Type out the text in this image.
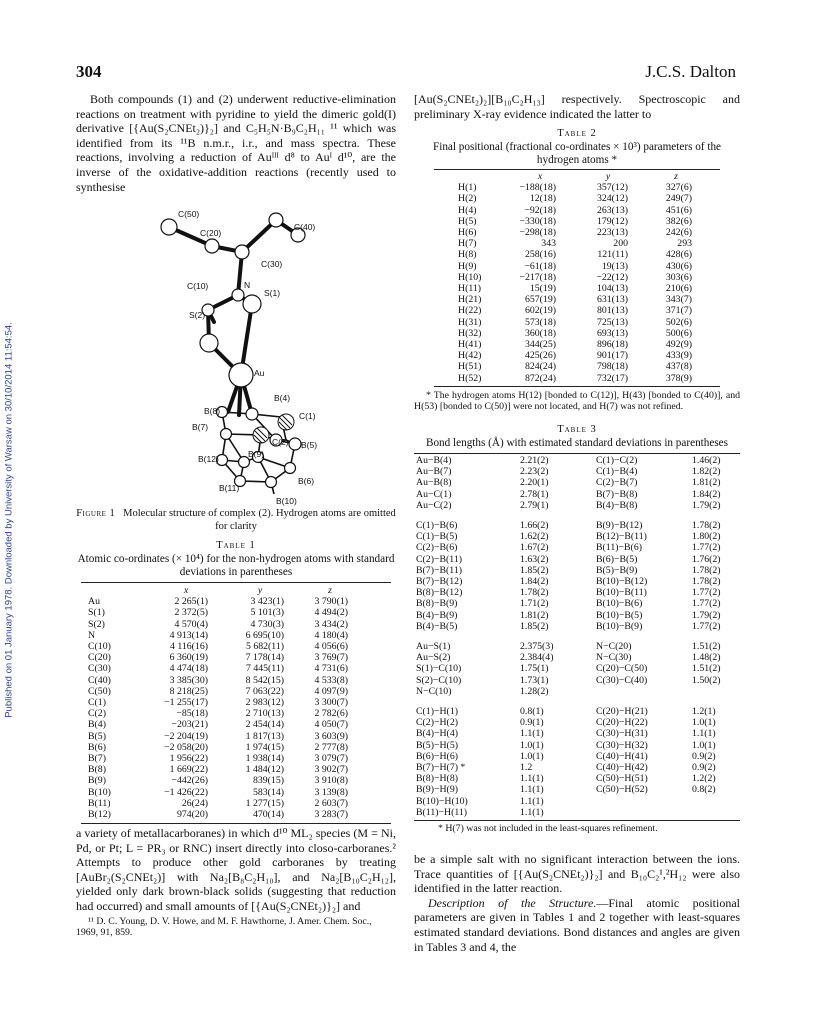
304	J.C.S. Dalton
Published on 01 January 1978. Downloaded by University of Warsaw on 30/10/2014 11:54:54.

Both compounds (1) and (2) underwent reductive-elimination reactions on treatment with pyridine to yield the dimeric gold(I) derivative [{Au(S₂CNEt₂)}₂] and C₅H₅N·B₉C₂H₁₁ ¹¹ which was identified from its ¹¹B n.m.r., i.r., and mass spectra. These reactions, involving a reduction of Auᴵᴵᴵ d⁸ to Auᴵ d¹⁰, are the inverse of the oxidative-addition reactions (recently used to synthesise

C(50)
C(20)
C(40)
C(30)
N
C(10)
S(1)
S(2)
Au
B(8)
B(4)
C(1)
B(7)
C(2) B(5)
B(9)
B(12)
B(6)
B(11)
B(10)
Figure 1 Molecular structure of complex (2). Hydrogen atoms are omitted for clarity
Table 1
Atomic co-ordinates (× 10⁴) for the non-hydrogen atoms with standard deviations in parentheses
	x	y	z
Au	2 265(1)	3 423(1)	3 790(1)
S(1)	2 372(5)	5 101(3)	4 494(2)
S(2)	4 570(4)	4 730(3)	3 434(2)
N	4 913(14)	6 695(10)	4 180(4)
C(10)	4 116(16)	5 682(11)	4 056(6)
C(20)	6 360(19)	7 178(14)	3 769(7)
C(30)	4 474(18)	7 445(11)	4 731(6)
C(40)	3 385(30)	8 542(15)	4 533(8)
C(50)	8 218(25)	7 063(22)	4 097(9)
C(1)	−1 255(17)	2 983(12)	3 300(7)
C(2)	−85(18)	2 710(13)	2 782(6)
B(4)	−203(21)	2 454(14)	4 050(7)
B(5)	−2 204(19)	1 817(13)	3 603(9)
B(6)	−2 058(20)	1 974(15)	2 777(8)
B(7)	1 956(22)	1 938(14)	3 079(7)
B(8)	1 669(22)	1 484(12)	3 902(7)
B(9)	−442(26)	839(15)	3 910(8)
B(10)	−1 426(22)	583(14)	3 139(8)
B(11)	26(24)	1 277(15)	2 603(7)
B(12)	974(20)	470(14)	3 283(7)

a variety of metallacarboranes) in which d¹⁰ ML₂ species (M = Ni, Pd, or Pt; L = PR₃ or RNC) insert directly into closo-carboranes.² Attempts to produce other gold carboranes by treating [AuBr₂(S₂CNEt₂)] with Na₂[B₈C₂H₁₀], and Na₂[B₁₀C₂H₁₂], yielded only dark brown-black solids (suggesting that reduction had occurred) and small amounts of [{Au(S₂CNEt₂)}₂] and

¹¹ D. C. Young, D. V. Howe, and M. F. Hawthorne, J. Amer. Chem. Soc., 1969, 91, 859.

[Au(S₂CNEt₂)₂][B₁₀C₂H₁₃] respectively. Spectroscopic and preliminary X-ray evidence indicated the latter to

Table 2
Final positional (fractional co-ordinates × 10³) parameters of the hydrogen atoms *
	x	y	z
H(1)	−188(18)	357(12)	327(6)
H(2)	12(18)	324(12)	249(7)
H(4)	−92(18)	263(13)	451(6)
H(5)	−330(18)	179(12)	382(6)
H(6)	−298(18)	223(13)	242(6)
H(7)	343	200	293
H(8)	258(16)	121(11)	428(6)
H(9)	−61(18)	19(13)	430(6)
H(10)	−217(18)	−22(12)	303(6)
H(11)	15(19)	104(13)	210(6)
H(21)	657(19)	631(13)	343(7)
H(22)	602(19)	801(13)	371(7)
H(31)	573(18)	725(13)	502(6)
H(32)	360(18)	693(13)	500(6)
H(41)	344(25)	896(18)	492(9)
H(42)	425(26)	901(17)	433(9)
H(51)	824(24)	798(18)	437(8)
H(52)	872(24)	732(17)	378(9)

* The hydrogen atoms H(12) [bonded to C(12)], H(43) [bonded to C(40)], and H(53) [bonded to C(50)] were not located, and H(7) was not refined.

Table 3
Bond lengths (Å) with estimated standard deviations in parentheses
Au−B(4)	2.21(2)	C(1)−C(2)	1.46(2)
Au−B(7)	2.23(2)	C(1)−B(4)	1.82(2)
Au−B(8)	2.20(1)	C(2)−B(7)	1.81(2)
Au−C(1)	2.78(1)	B(7)−B(8)	1.84(2)
Au−C(2)	2.79(1)	B(4)−B(8)	1.79(2)

C(1)−B(6)	1.66(2)	B(9)−B(12)	1.78(2)
C(1)−B(5)	1.62(2)	B(12)−B(11)	1.80(2)
C(2)−B(6)	1.67(2)	B(11)−B(6)	1.77(2)
C(2)−B(11)	1.63(2)	B(6)−B(5)	1.76(2)
B(7)−B(11)	1.85(2)	B(5)−B(9)	1.78(2)
B(7)−B(12)	1.84(2)	B(10)−B(12)	1.78(2)
B(8)−B(12)	1.78(2)	B(10)−B(11)	1.77(2)
B(8)−B(9)	1.71(2)	B(10)−B(6)	1.77(2)
B(4)−B(9)	1.81(2)	B(10)−B(5)	1.79(2)
B(4)−B(5)	1.85(2)	B(10)−B(9)	1.77(2)

Au−S(1)	2.375(3)	N−C(20)	1.51(2)
Au−S(2)	2.384(4)	N−C(30)	1.48(2)
S(1)−C(10)	1.75(1)	C(20)−C(50)	1.51(2)
S(2)−C(10)	1.73(1)	C(30)−C(40)	1.50(2)
N−C(10)	1.28(2)		

C(1)−H(1)	0.8(1)	C(20)−H(21)	1.2(1)
C(2)−H(2)	0.9(1)	C(20)−H(22)	1.0(1)
B(4)−H(4)	1.1(1)	C(30)−H(31)	1.1(1)
B(5)−H(5)	1.0(1)	C(30)−H(32)	1.0(1)
B(6)−H(6)	1.0(1)	C(40)−H(41)	0.9(2)
B(7)−H(7) *	1.2	C(40)−H(42)	0.9(2)
B(8)−H(8)	1.1(1)	C(50)−H(51)	1.2(2)
B(9)−H(9)	1.1(1)	C(50)−H(52)	0.8(2)
B(10)−H(10)	1.1(1)		
B(11)−H(11)	1.1(1)		

* H(7) was not included in the least-squares refinement.

be a simple salt with no significant interaction between the ions. Trace quantities of [{Au(S₂CNEt₂)}₂] and B₁₀C₂¹,²H₁₂ were also identified in the latter reaction.

Description of the Structure.—Final atomic positional parameters are given in Tables 1 and 2 together with least-squares estimated standard deviations. Bond distances and angles are given in Tables 3 and 4, the
